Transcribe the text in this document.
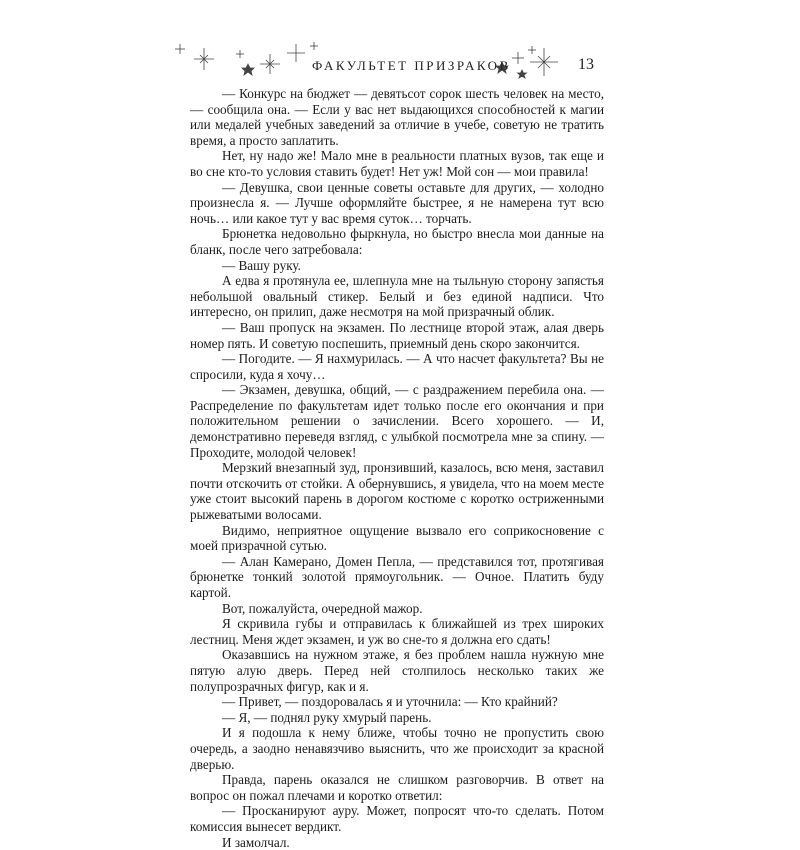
ФАКУЛЬТЕТ ПРИЗРАКОВ	13

— Конкурс на бюджет — девятьсот сорок шесть человек на место, — сообщила она. — Если у вас нет выдающихся способностей к магии или медалей учебных заведений за отличие в учебе, советую не тратить время, а просто заплатить.

Нет, ну надо же! Мало мне в реальности платных вузов, так еще и во сне кто-то условия ставить будет! Нет уж! Мой сон — мои правила!

— Девушка, свои ценные советы оставьте для других, — холодно произнесла я. — Лучше оформляйте быстрее, я не намерена тут всю ночь… или какое тут у вас время суток… торчать.

Брюнетка недовольно фыркнула, но быстро внесла мои данные на бланк, после чего затребовала:

— Вашу руку.

А едва я протянула ее, шлепнула мне на тыльную сторону запястья небольшой овальный стикер. Белый и без единой надписи. Что интересно, он прилип, даже несмотря на мой призрачный облик.

— Ваш пропуск на экзамен. По лестнице второй этаж, алая дверь номер пять. И советую поспешить, приемный день скоро закончится.

— Погодите. — Я нахмурилась. — А что насчет факультета? Вы не спросили, куда я хочу…

— Экзамен, девушка, общий, — с раздражением перебила она. — Распределение по факультетам идет только после его окончания и при положительном решении о зачислении. Всего хорошего. — И, демонстративно переведя взгляд, с улыбкой посмотрела мне за спину. — Проходите, молодой человек!

Мерзкий внезапный зуд, пронзивший, казалось, всю меня, заставил почти отскочить от стойки. А обернувшись, я увидела, что на моем месте уже стоит высокий парень в дорогом костюме с коротко остриженными рыжеватыми волосами.

Видимо, неприятное ощущение вызвало его соприкосновение с моей призрачной сутью.

— Алан Камерано, Домен Пепла, — представился тот, протягивая брюнетке тонкий золотой прямоугольник. — Очное. Платить буду картой.

Вот, пожалуйста, очередной мажор.

Я скривила губы и отправилась к ближайшей из трех широких лестниц. Меня ждет экзамен, и уж во сне-то я должна его сдать!

Оказавшись на нужном этаже, я без проблем нашла нужную мне пятую алую дверь. Перед ней столпилось несколько таких же полупрозрачных фигур, как и я.

— Привет, — поздоровалась я и уточнила: — Кто крайний?

— Я, — поднял руку хмурый парень.

И я подошла к нему ближе, чтобы точно не пропустить свою очередь, а заодно ненавязчиво выяснить, что же происходит за красной дверью.

Правда, парень оказался не слишком разговорчив. В ответ на вопрос он пожал плечами и коротко ответил:

— Просканируют ауру. Может, попросят что-то сделать. Потом комиссия вынесет вердикт.

И замолчал.
